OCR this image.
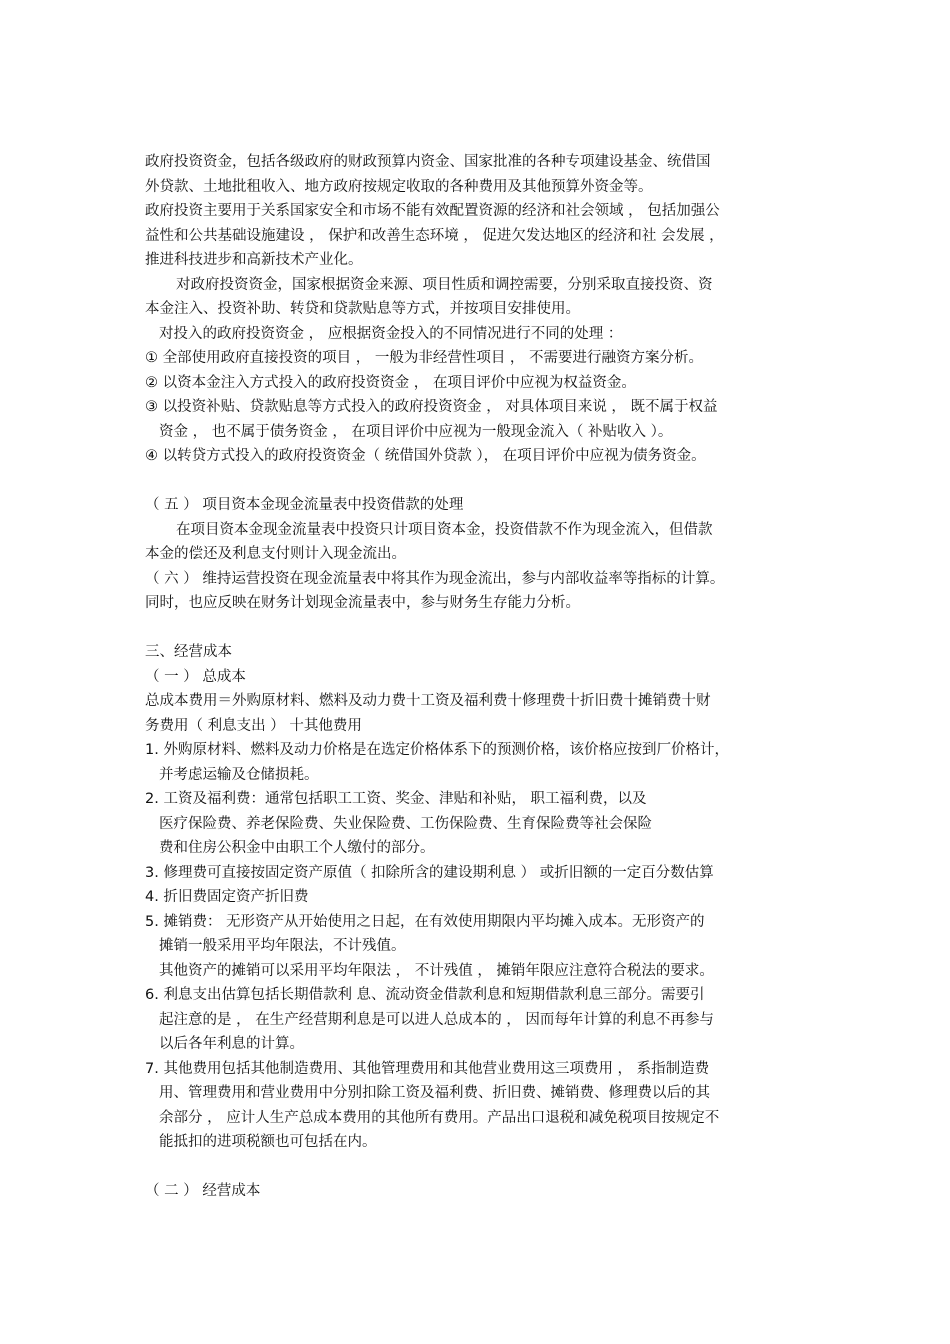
政府投资资金，包括各级政府的财政预算内资金、国家批准的各种专项建设基金、统借国
外贷款、土地批租收入、地方政府按规定收取的各种费用及其他预算外资金等。
政府投资主要用于关系国家安全和市场不能有效配置资源的经济和社会领域 ， 包括加强公
益性和公共基础设施建设 ， 保护和改善生态环境 ， 促进欠发达地区的经济和社 会发展 ，
推进科技进步和高新技术产业化。
对政府投资资金，国家根据资金来源、项目性质和调控需要，分别采取直接投资、资
本金注入、投资补助、转贷和贷款贴息等方式，并按项目安排使用。
对投入的政府投资资金 ， 应根据资金投入的不同情况进行不同的处理 ：
① 全部使用政府直接投资的项目 ， 一般为非经营性项目 ， 不需要进行融资方案分析。
② 以资本金注入方式投入的政府投资资金 ， 在项目评价中应视为权益资金。
③ 以投资补贴、贷款贴息等方式投入的政府投资资金 ， 对具体项目来说 ， 既不属于权益
资金 ， 也不属于债务资金 ， 在项目评价中应视为一般现金流入（ 补贴收入 ）。
④ 以转贷方式投入的政府投资资金（ 统借国外贷款 ）， 在项目评价中应视为债务资金。
（ 五 ） 项目资本金现金流量表中投资借款的处理
在项目资本金现金流量表中投资只计项目资本金，投资借款不作为现金流入，但借款
本金的偿还及利息支付则计入现金流出。
（ 六 ） 维持运营投资在现金流量表中将其作为现金流出，参与内部收益率等指标的计算。
同时，也应反映在财务计划现金流量表中，参与财务生存能力分析。
三、经营成本
（ 一 ） 总成本
总成本费用＝外购原材料、燃料及动力费十工资及福利费十修理费十折旧费十摊销费十财
务费用（ 利息支出 ） 十其他费用
1. 外购原材料、燃料及动力价格是在选定价格体系下的预测价格，该价格应按到厂价格计，
并考虑运输及仓储损耗。
2. 工资及福利费：通常包括职工工资、奖金、津贴和补贴， 职工福利费，以及
医疗保险费、养老保险费、失业保险费、工伤保险费、生育保险费等社会保险
费和住房公积金中由职工个人缴付的部分。
3. 修理费可直接按固定资产原值（ 扣除所含的建设期利息 ） 或折旧额的一定百分数估算
4. 折旧费固定资产折旧费
5. 摊销费： 无形资产从开始使用之日起，在有效使用期限内平均摊入成本。无形资产的
摊销一般采用平均年限法，不计残值。
其他资产的摊销可以采用平均年限法 ， 不计残值 ， 摊销年限应注意符合税法的要求。
6. 利息支出估算包括长期借款利 息、流动资金借款利息和短期借款利息三部分。需要引
起注意的是 ， 在生产经营期利息是可以进人总成本的 ， 因而每年计算的利息不再参与
以后各年利息的计算。
7. 其他费用包括其他制造费用、其他管理费用和其他营业费用这三项费用 ， 系指制造费
用、管理费用和营业费用中分别扣除工资及福利费、折旧费、摊销费、修理费以后的其
余部分 ， 应计人生产总成本费用的其他所有费用。产品出口退税和减免税项目按规定不
能抵扣的进项税额也可包括在内。
（ 二 ） 经营成本
